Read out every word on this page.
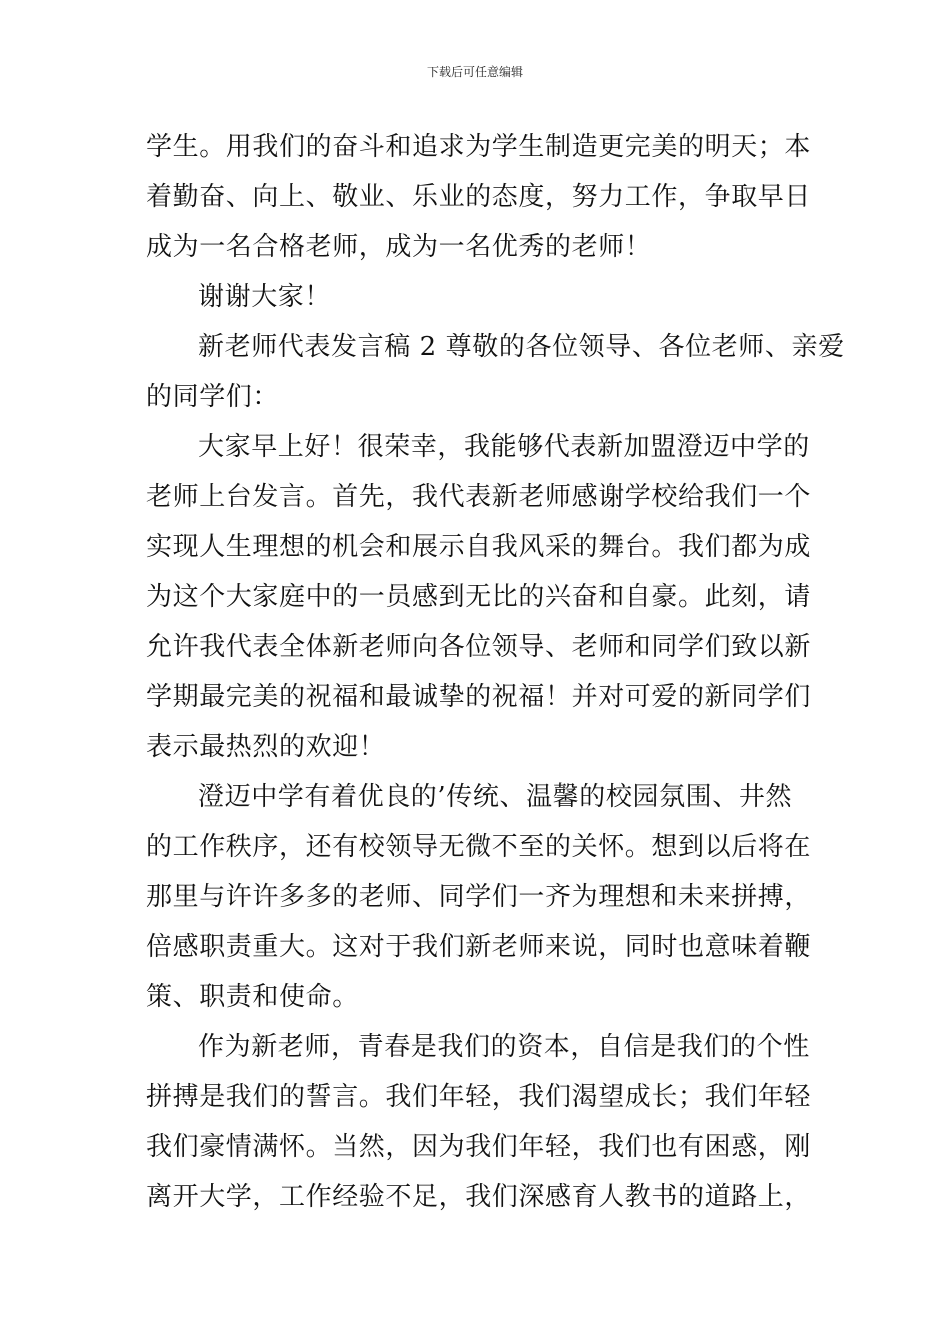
下载后可任意编辑
学生。用我们的奋斗和追求为学生制造更完美的明天；本
着勤奋、向上、敬业、乐业的态度，努力工作，争取早日
成为一名合格老师，成为一名优秀的老师！
谢谢大家！
新老师代表发言稿 2 尊敬的各位领导、各位老师、亲爱
的同学们：
大家早上好！很荣幸，我能够代表新加盟澄迈中学的
老师上台发言。首先，我代表新老师感谢学校给我们一个
实现人生理想的机会和展示自我风采的舞台。我们都为成
为这个大家庭中的一员感到无比的兴奋和自豪。此刻，请
允许我代表全体新老师向各位领导、老师和同学们致以新
学期最完美的祝福和最诚挚的祝福！并对可爱的新同学们
表示最热烈的欢迎！
澄迈中学有着优良的’传统、温馨的校园氛围、井然
的工作秩序，还有校领导无微不至的关怀。想到以后将在
那里与许许多多的老师、同学们一齐为理想和未来拼搏，
倍感职责重大。这对于我们新老师来说，同时也意味着鞭
策、职责和使命。
作为新老师，青春是我们的资本，自信是我们的个性
拼搏是我们的誓言。我们年轻，我们渴望成长；我们年轻
我们豪情满怀。当然，因为我们年轻，我们也有困惑，刚
离开大学，工作经验不足，我们深感育人教书的道路上，
